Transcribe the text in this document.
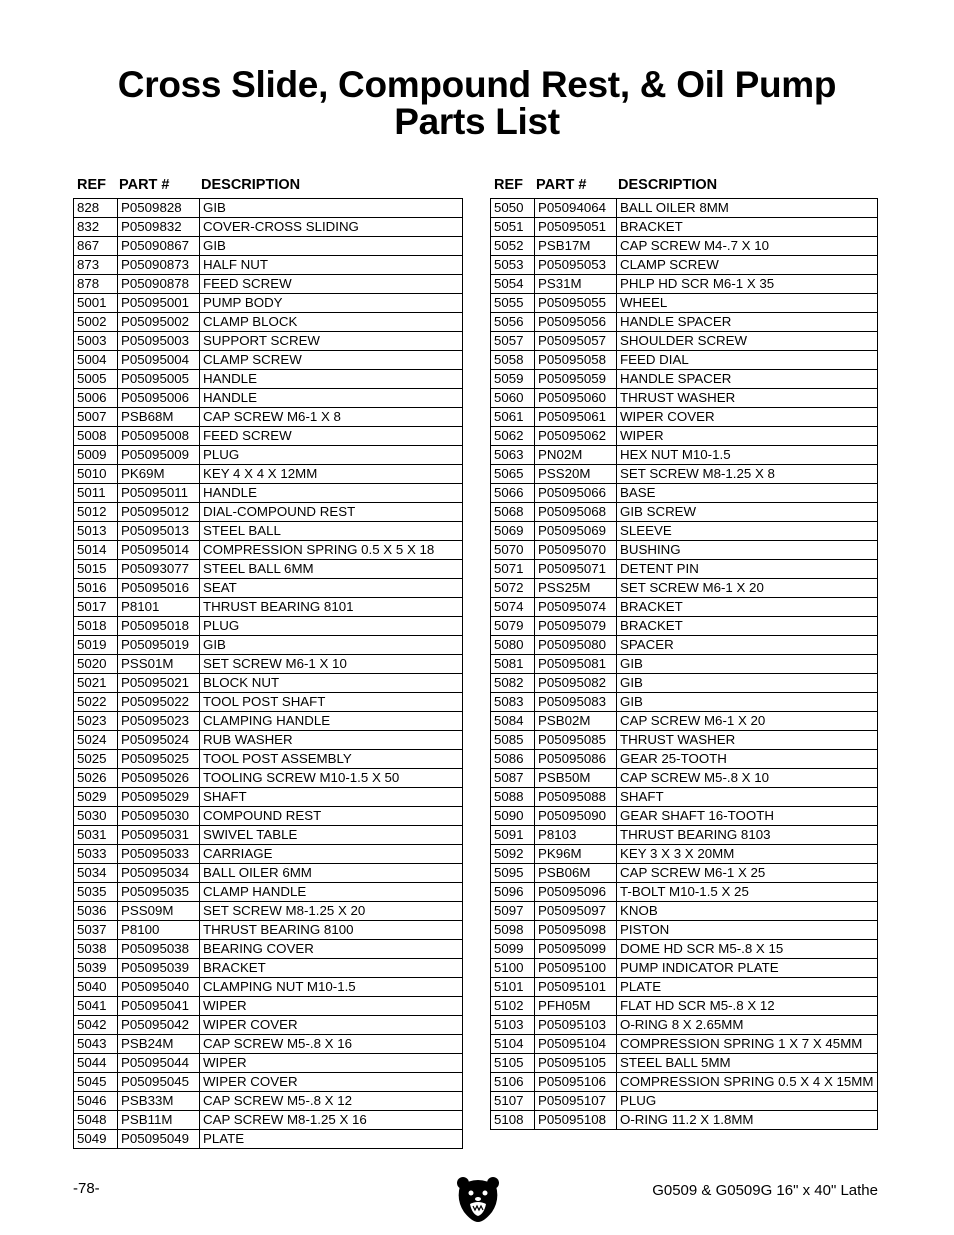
Cross Slide, Compound Rest, & Oil Pump
Parts List
REF PART # DESCRIPTION
828	P0509828	GIB
832	P0509832	COVER-CROSS SLIDING
867	P05090867	GIB
873	P05090873	HALF NUT
878	P05090878	FEED SCREW
5001	P05095001	PUMP BODY
5002	P05095002	CLAMP BLOCK
5003	P05095003	SUPPORT SCREW
5004	P05095004	CLAMP SCREW
5005	P05095005	HANDLE
5006	P05095006	HANDLE
5007	PSB68M	CAP SCREW M6-1 X 8
5008	P05095008	FEED SCREW
5009	P05095009	PLUG
5010	PK69M	KEY 4 X 4 X 12MM
5011	P05095011	HANDLE
5012	P05095012	DIAL-COMPOUND REST
5013	P05095013	STEEL BALL
5014	P05095014	COMPRESSION SPRING 0.5 X 5 X 18
5015	P05093077	STEEL BALL 6MM
5016	P05095016	SEAT
5017	P8101	THRUST BEARING 8101
5018	P05095018	PLUG
5019	P05095019	GIB
5020	PSS01M	SET SCREW M6-1 X 10
5021	P05095021	BLOCK NUT
5022	P05095022	TOOL POST SHAFT
5023	P05095023	CLAMPING HANDLE
5024	P05095024	RUB WASHER
5025	P05095025	TOOL POST ASSEMBLY
5026	P05095026	TOOLING SCREW M10-1.5 X 50
5029	P05095029	SHAFT
5030	P05095030	COMPOUND REST
5031	P05095031	SWIVEL TABLE
5033	P05095033	CARRIAGE
5034	P05095034	BALL OILER 6MM
5035	P05095035	CLAMP HANDLE
5036	PSS09M	SET SCREW M8-1.25 X 20
5037	P8100	THRUST BEARING 8100
5038	P05095038	BEARING COVER
5039	P05095039	BRACKET
5040	P05095040	CLAMPING NUT M10-1.5
5041	P05095041	WIPER
5042	P05095042	WIPER COVER
5043	PSB24M	CAP SCREW M5-.8 X 16
5044	P05095044	WIPER
5045	P05095045	WIPER COVER
5046	PSB33M	CAP SCREW M5-.8 X 12
5048	PSB11M	CAP SCREW M8-1.25 X 16
5049	P05095049	PLATE
REF PART # DESCRIPTION
5050	P05094064	BALL OILER 8MM
5051	P05095051	BRACKET
5052	PSB17M	CAP SCREW M4-.7 X 10
5053	P05095053	CLAMP SCREW
5054	PS31M	PHLP HD SCR M6-1 X 35
5055	P05095055	WHEEL
5056	P05095056	HANDLE SPACER
5057	P05095057	SHOULDER SCREW
5058	P05095058	FEED DIAL
5059	P05095059	HANDLE SPACER
5060	P05095060	THRUST WASHER
5061	P05095061	WIPER COVER
5062	P05095062	WIPER
5063	PN02M	HEX NUT M10-1.5
5065	PSS20M	SET SCREW M8-1.25 X 8
5066	P05095066	BASE
5068	P05095068	GIB SCREW
5069	P05095069	SLEEVE
5070	P05095070	BUSHING
5071	P05095071	DETENT PIN
5072	PSS25M	SET SCREW M6-1 X 20
5074	P05095074	BRACKET
5079	P05095079	BRACKET
5080	P05095080	SPACER
5081	P05095081	GIB
5082	P05095082	GIB
5083	P05095083	GIB
5084	PSB02M	CAP SCREW M6-1 X 20
5085	P05095085	THRUST WASHER
5086	P05095086	GEAR 25-TOOTH
5087	PSB50M	CAP SCREW M5-.8 X 10
5088	P05095088	SHAFT
5090	P05095090	GEAR SHAFT 16-TOOTH
5091	P8103	THRUST BEARING 8103
5092	PK96M	KEY 3 X 3 X 20MM
5095	PSB06M	CAP SCREW M6-1 X 25
5096	P05095096	T-BOLT M10-1.5 X 25
5097	P05095097	KNOB
5098	P05095098	PISTON
5099	P05095099	DOME HD SCR M5-.8 X 15
5100	P05095100	PUMP INDICATOR PLATE
5101	P05095101	PLATE
5102	PFH05M	FLAT HD SCR M5-.8 X 12
5103	P05095103	O-RING 8 X 2.65MM
5104	P05095104	COMPRESSION SPRING 1 X 7 X 45MM
5105	P05095105	STEEL BALL 5MM
5106	P05095106	COMPRESSION SPRING 0.5 X 4 X 15MM
5107	P05095107	PLUG
5108	P05095108	O-RING 11.2 X 1.8MM
-78-	G0509 & G0509G 16" x 40" Lathe
